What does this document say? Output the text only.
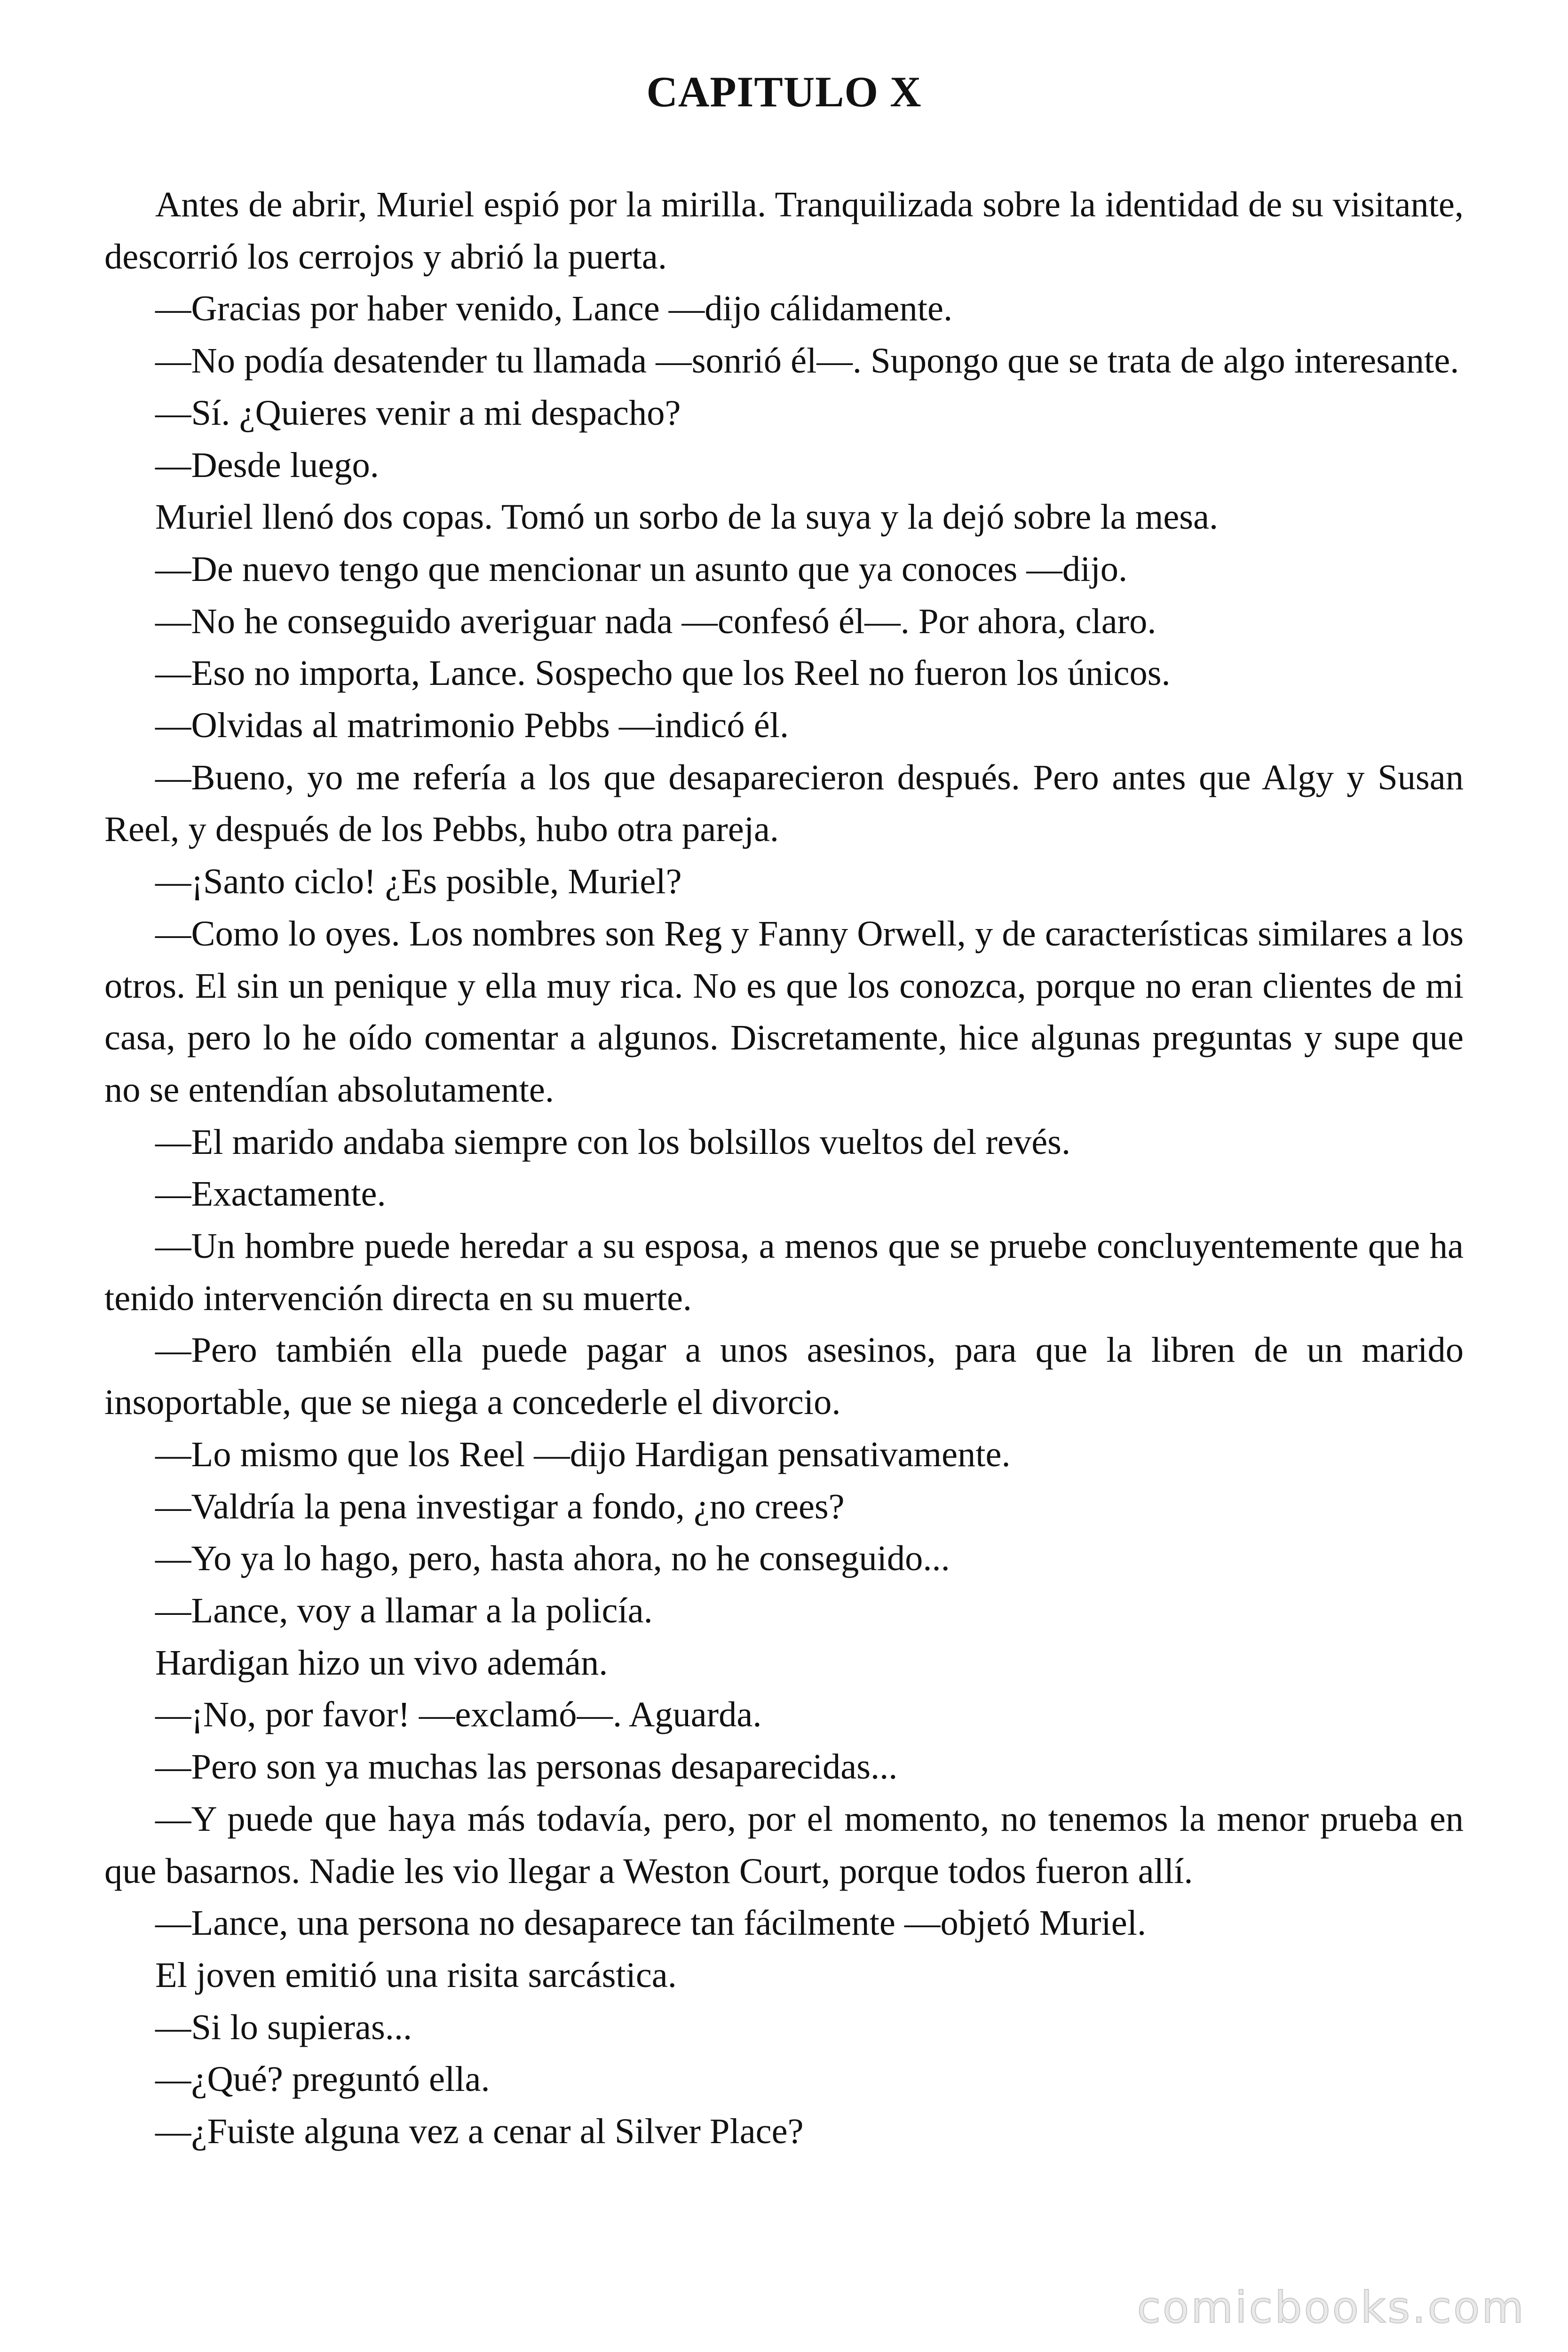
CAPITULO X

Antes de abrir, Muriel espió por la mirilla. Tranquilizada sobre la identidad de su visitante, descorrió los cerrojos y abrió la puerta.

—Gracias por haber venido, Lance —dijo cálidamente.

—No podía desatender tu llamada —sonrió él—. Supongo que se trata de algo interesante.

—Sí. ¿Quieres venir a mi despacho?

—Desde luego.

Muriel llenó dos copas. Tomó un sorbo de la suya y la dejó sobre la mesa.

—De nuevo tengo que mencionar un asunto que ya conoces —dijo.

—No he conseguido averiguar nada —confesó él—. Por ahora, claro.

—Eso no importa, Lance. Sospecho que los Reel no fueron los únicos.

—Olvidas al matrimonio Pebbs —indicó él.

—Bueno, yo me refería a los que desaparecieron después. Pero antes que Algy y Susan Reel, y después de los Pebbs, hubo otra pareja.

—¡Santo ciclo! ¿Es posible, Muriel?

—Como lo oyes. Los nombres son Reg y Fanny Orwell, y de características similares a los otros. El sin un penique y ella muy rica. No es que los conozca, porque no eran clientes de mi casa, pero lo he oído comentar a algunos. Discretamente, hice algunas preguntas y supe que no se entendían absolutamente.

—El marido andaba siempre con los bolsillos vueltos del revés.

—Exactamente.

—Un hombre puede heredar a su esposa, a menos que se pruebe concluyentemente que ha tenido intervención directa en su muerte.

—Pero también ella puede pagar a unos asesinos, para que la libren de un marido insoportable, que se niega a concederle el divorcio.

—Lo mismo que los Reel —dijo Hardigan pensativamente.

—Valdría la pena investigar a fondo, ¿no crees?

—Yo ya lo hago, pero, hasta ahora, no he conseguido...

—Lance, voy a llamar a la policía.

Hardigan hizo un vivo ademán.

—¡No, por favor! —exclamó—. Aguarda.

—Pero son ya muchas las personas desaparecidas...

—Y puede que haya más todavía, pero, por el momento, no tenemos la menor prueba en que basarnos. Nadie les vio llegar a Weston Court, porque todos fueron allí.

—Lance, una persona no desaparece tan fácilmente —objetó Muriel.

El joven emitió una risita sarcástica.

—Si lo supieras...

—¿Qué? preguntó ella.

—¿Fuiste alguna vez a cenar al Silver Place?

comicbooks.com
